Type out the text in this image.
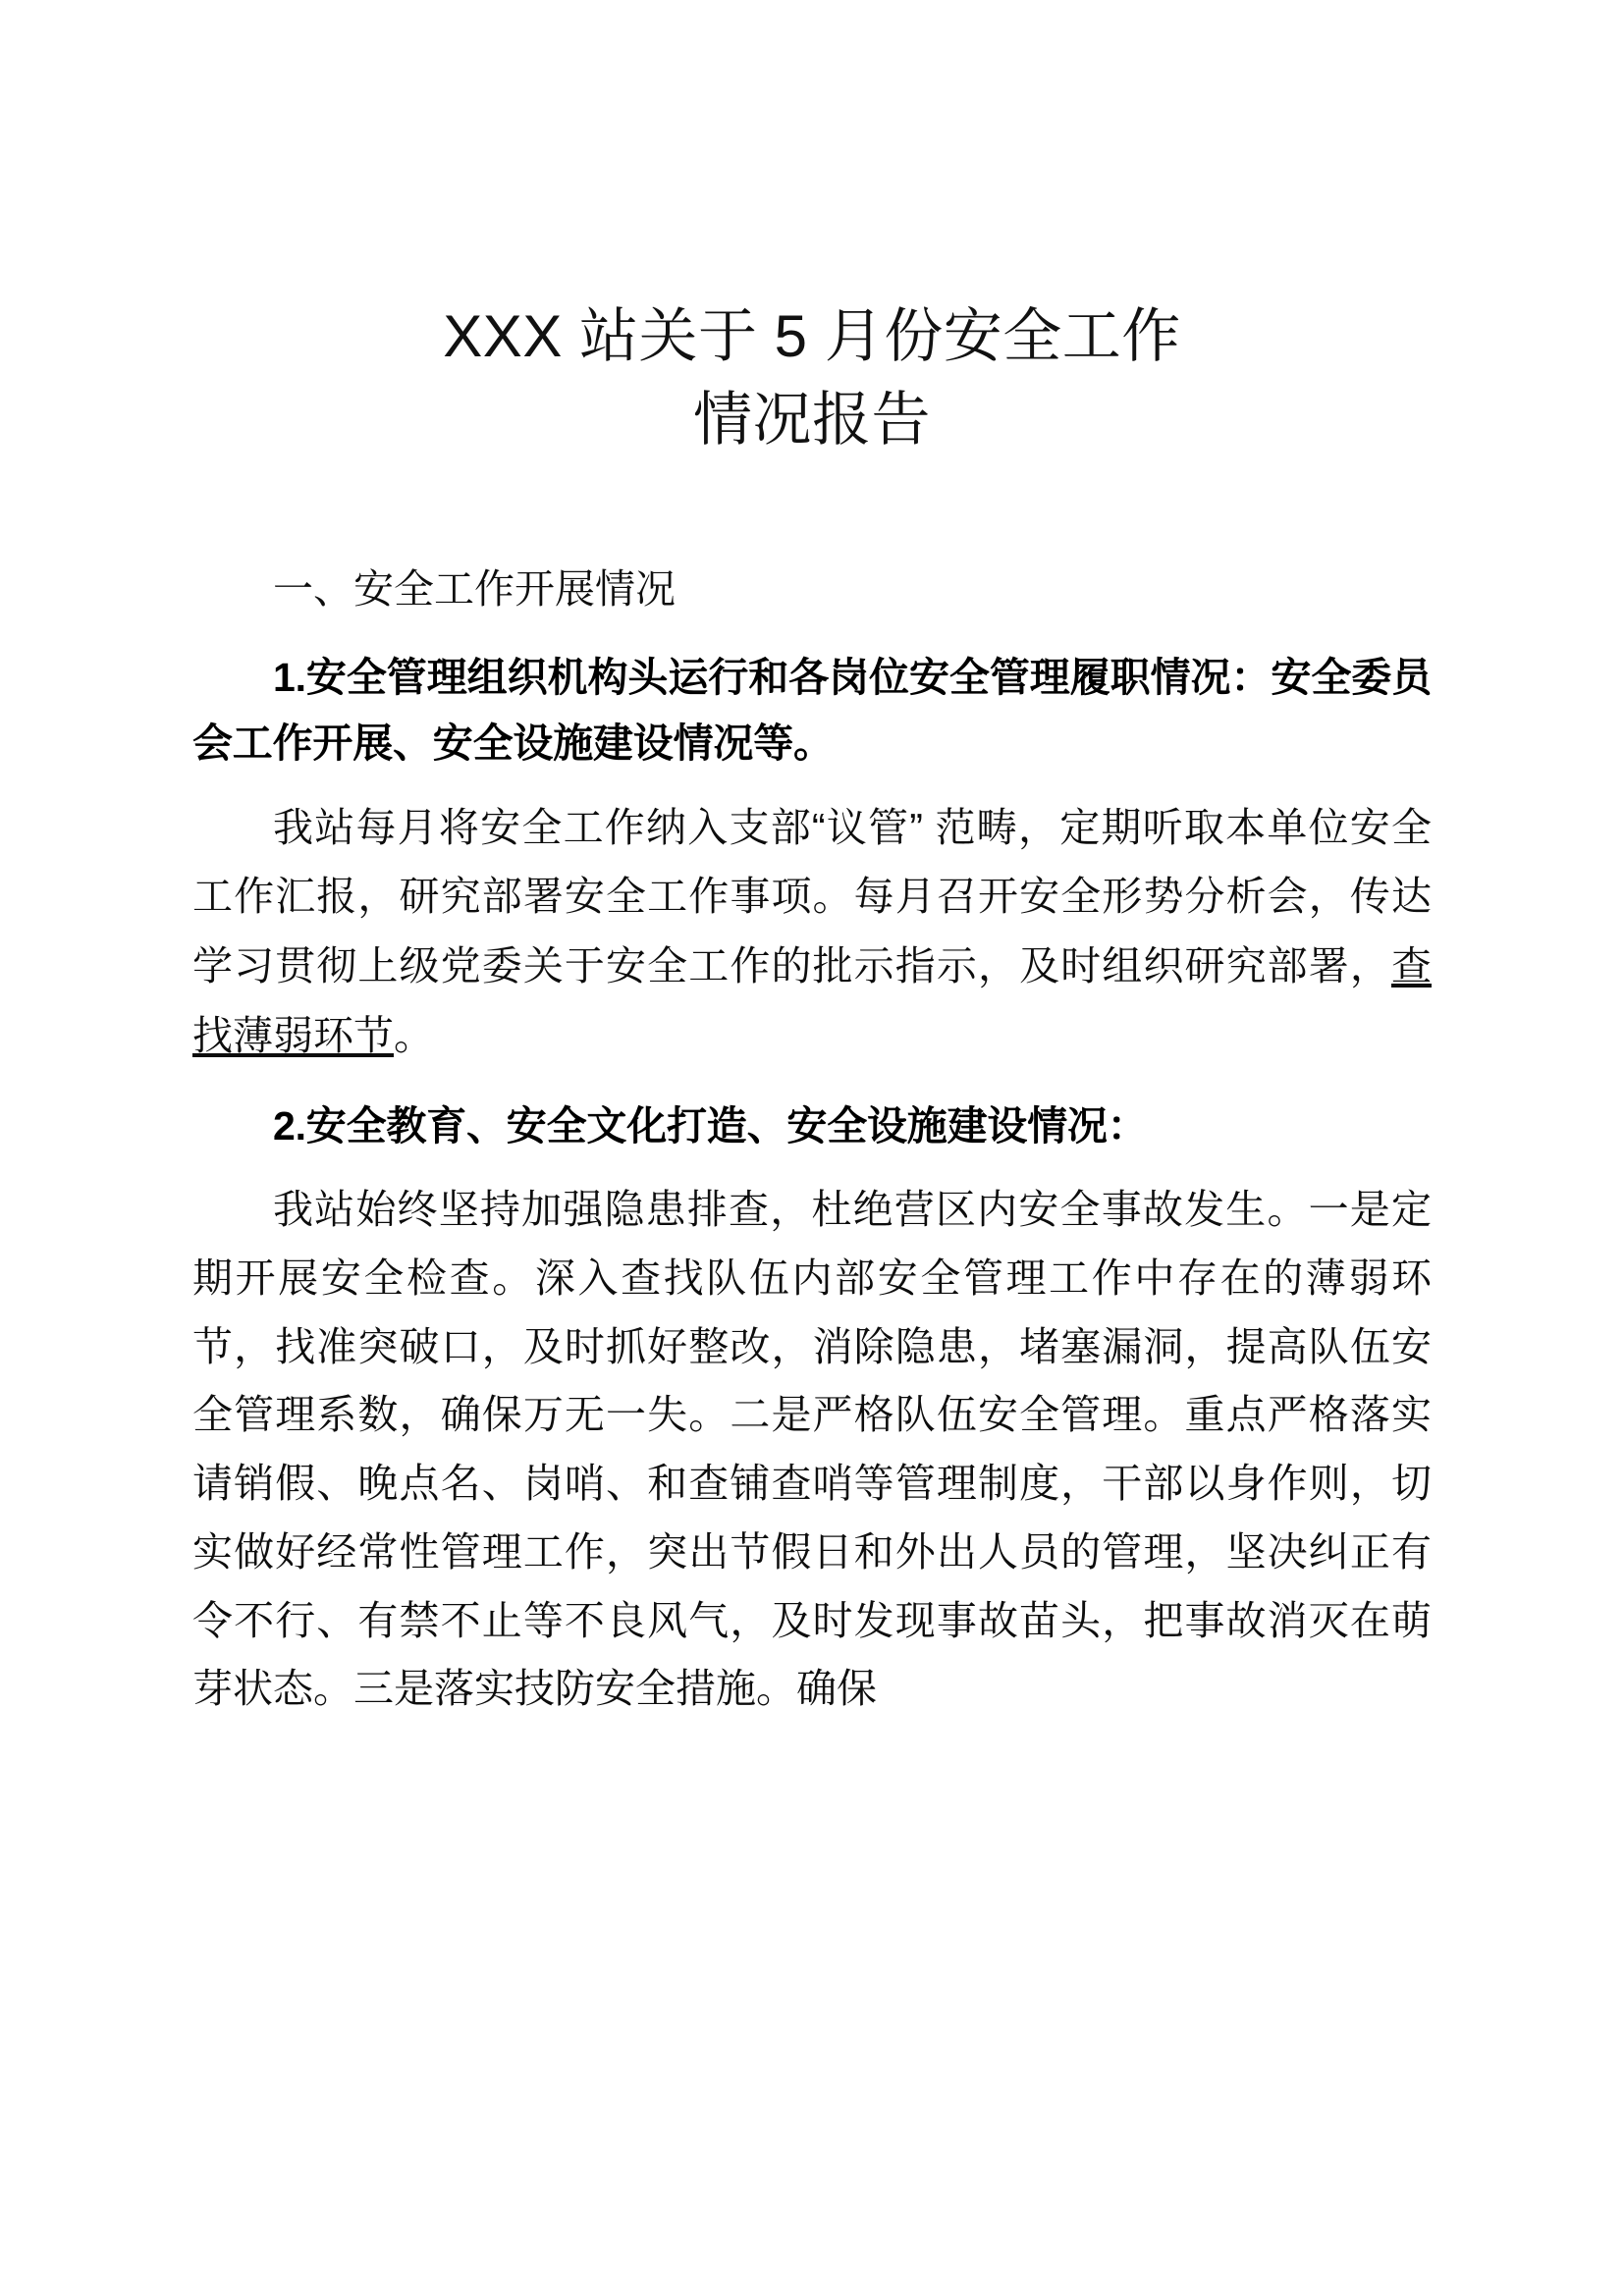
XXX 站关于 5 月份安全工作
情况报告

一、安全工作开展情况

1.安全管理组织机构头运行和各岗位安全管理履职情况：安全委员会工作开展、安全设施建设情况等。

我站每月将安全工作纳入支部“议管” 范畴，定期听取本单位安全工作汇报，研究部署安全工作事项。每月召开安全形势分析会，传达学习贯彻上级党委关于安全工作的批示指示，及时组织研究部署，查找薄弱环节。

2.安全教育、安全文化打造、安全设施建设情况：

我站始终坚持加强隐患排查，杜绝营区内安全事故发生。一是定期开展安全检查。深入查找队伍内部安全管理工作中存在的薄弱环节，找准突破口，及时抓好整改，消除隐患，堵塞漏洞，提高队伍安全管理系数，确保万无一失。二是严格队伍安全管理。重点严格落实请销假、晚点名、岗哨、和查铺查哨等管理制度，干部以身作则，切实做好经常性管理工作，突出节假日和外出人员的管理，坚决纠正有令不行、有禁不止等不良风气，及时发现事故苗头，把事故消灭在萌芽状态。三是落实技防安全措施。确保
